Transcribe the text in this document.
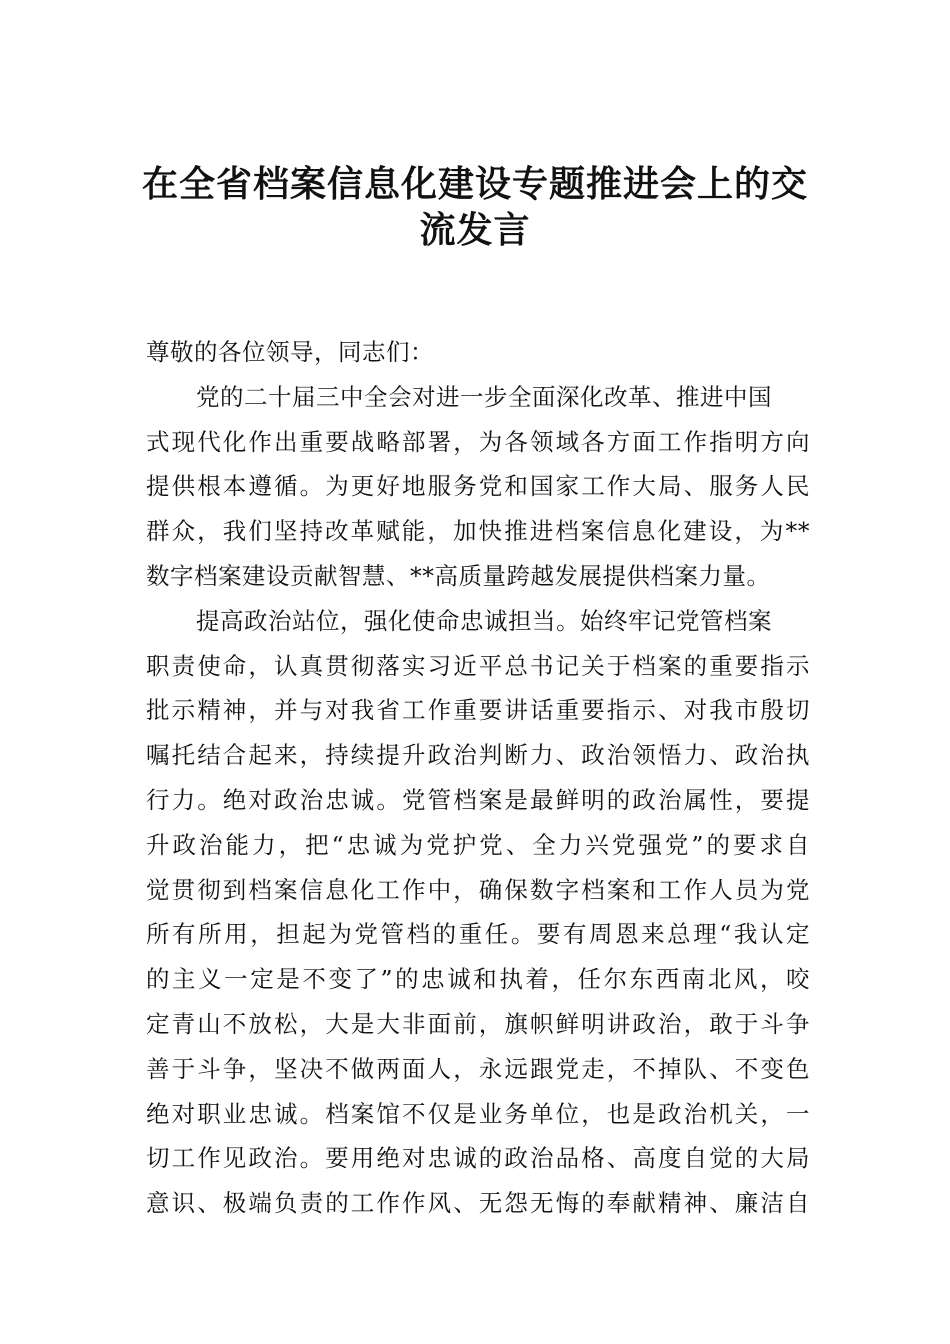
在全省档案信息化建设专题推进会上的交
流发言
尊敬的各位领导，同志们：
党的二十届三中全会对进一步全面深化改革、推进中国
式现代化作出重要战略部署，为各领域各方面工作指明方向
提供根本遵循。为更好地服务党和国家工作大局、服务人民
群众，我们坚持改革赋能，加快推进档案信息化建设，为**
数字档案建设贡献智慧、**高质量跨越发展提供档案力量。
提高政治站位，强化使命忠诚担当。始终牢记党管档案
职责使命，认真贯彻落实习近平总书记关于档案的重要指示
批示精神，并与对我省工作重要讲话重要指示、对我市殷切
嘱托结合起来，持续提升政治判断力、政治领悟力、政治执
行力。绝对政治忠诚。党管档案是最鲜明的政治属性，要提
升政治能力，把“忠诚为党护党、全力兴党强党”的要求自
觉贯彻到档案信息化工作中，确保数字档案和工作人员为党
所有所用，担起为党管档的重任。要有周恩来总理“我认定
的主义一定是不变了”的忠诚和执着，任尔东西南北风，咬
定青山不放松，大是大非面前，旗帜鲜明讲政治，敢于斗争
善于斗争，坚决不做两面人，永远跟党走，不掉队、不变色
绝对职业忠诚。档案馆不仅是业务单位，也是政治机关，一
切工作见政治。要用绝对忠诚的政治品格、高度自觉的大局
意识、极端负责的工作作风、无怨无悔的奉献精神、廉洁自
